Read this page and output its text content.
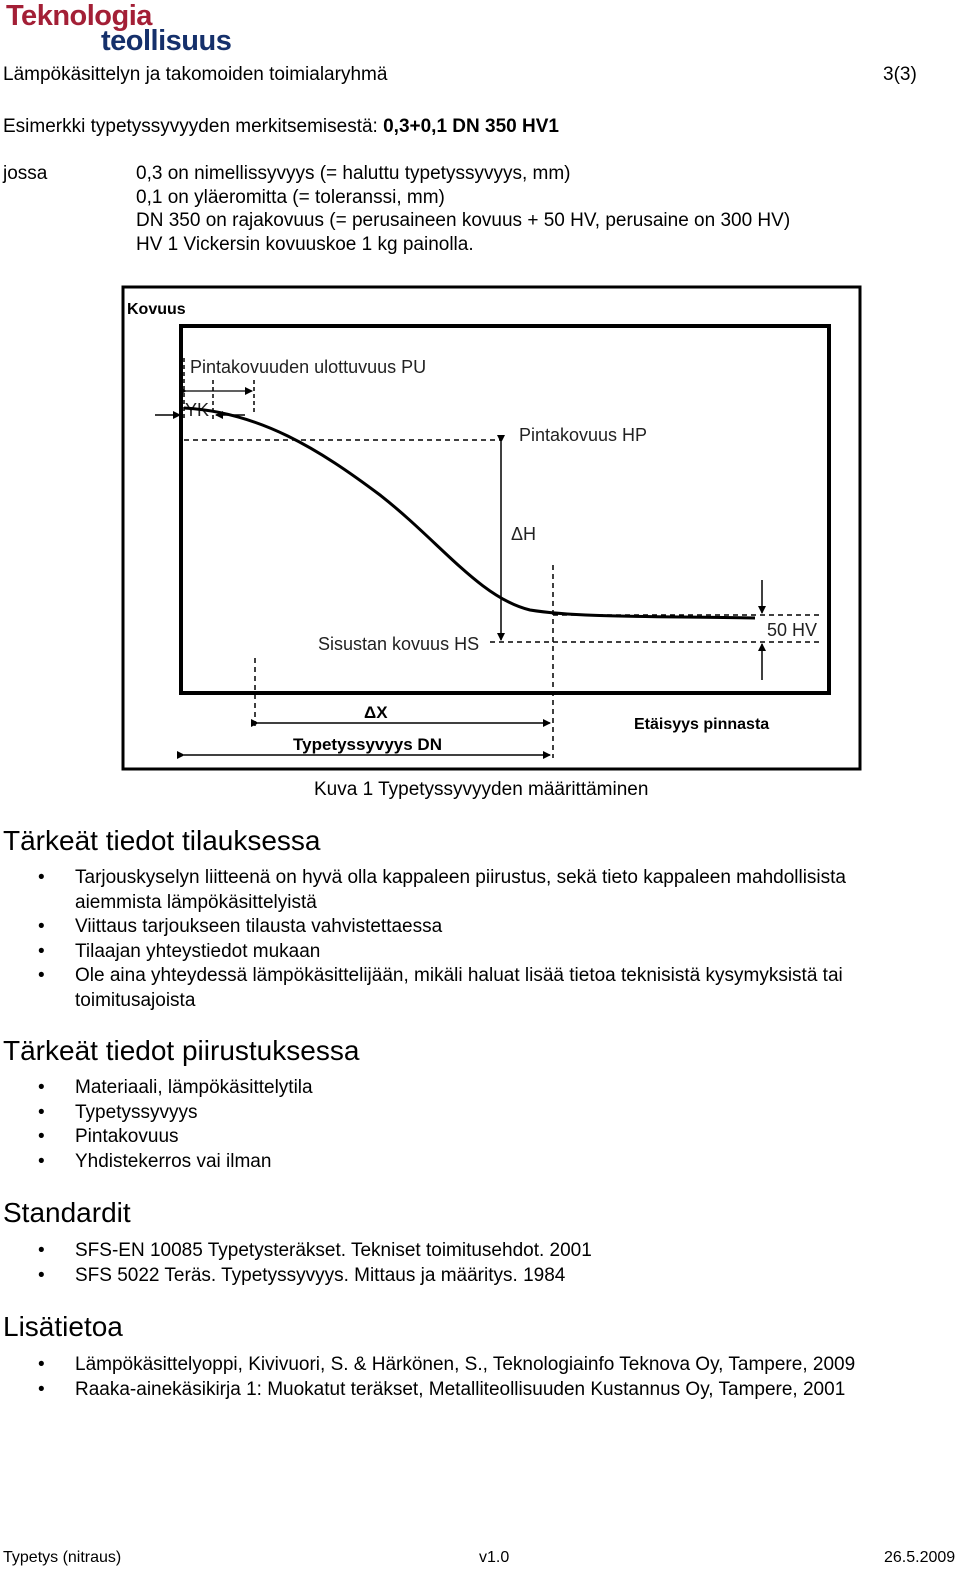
Teknologia
teollisuus
Lämpökäsittelyn ja takomoiden toimialaryhmä	3(3)
Esimerkki typetyssyvyyden merkitsemisestä: 0,3+0,1 DN 350 HV1
jossa	0,3 on nimellissyvyys (= haluttu typetyssyvyys, mm)
0,1 on yläeromitta (= toleranssi, mm)
DN 350 on rajakovuus (= perusaineen kovuus + 50 HV, perusaine on 300 HV)
HV 1 Vickersin kovuuskoe 1 kg painolla.
Kovuus
Pintakovuuden ulottuvuus PU
YK
Pintakovuus HP
ΔH
Sisustan kovuus HS
50 HV
ΔX
Typetyssyvyys DN
Etäisyys pinnasta
Kuva 1 Typetyssyvyyden määrittäminen
Tärkeät tiedot tilauksessa
• Tarjouskyselyn liitteenä on hyvä olla kappaleen piirustus, sekä tieto kappaleen mahdollisista aiemmista lämpökäsittelyistä
• Viittaus tarjoukseen tilausta vahvistettaessa
• Tilaajan yhteystiedot mukaan
• Ole aina yhteydessä lämpökäsittelijään, mikäli haluat lisää tietoa teknisistä kysymyksistä tai toimitusajoista
Tärkeät tiedot piirustuksessa
• Materiaali, lämpökäsittelytila
• Typetyssyvyys
• Pintakovuus
• Yhdistekerros vai ilman
Standardit
• SFS-EN 10085 Typetysteräkset. Tekniset toimitusehdot. 2001
• SFS 5022 Teräs. Typetyssyvyys. Mittaus ja määritys. 1984
Lisätietoa
• Lämpökäsittelyoppi, Kivivuori, S. & Härkönen, S., Teknologiainfo Teknova Oy, Tampere, 2009
• Raaka-ainekäsikirja 1: Muokatut teräkset, Metalliteollisuuden Kustannus Oy, Tampere, 2001
Typetys (nitraus)	v1.0	26.5.2009
